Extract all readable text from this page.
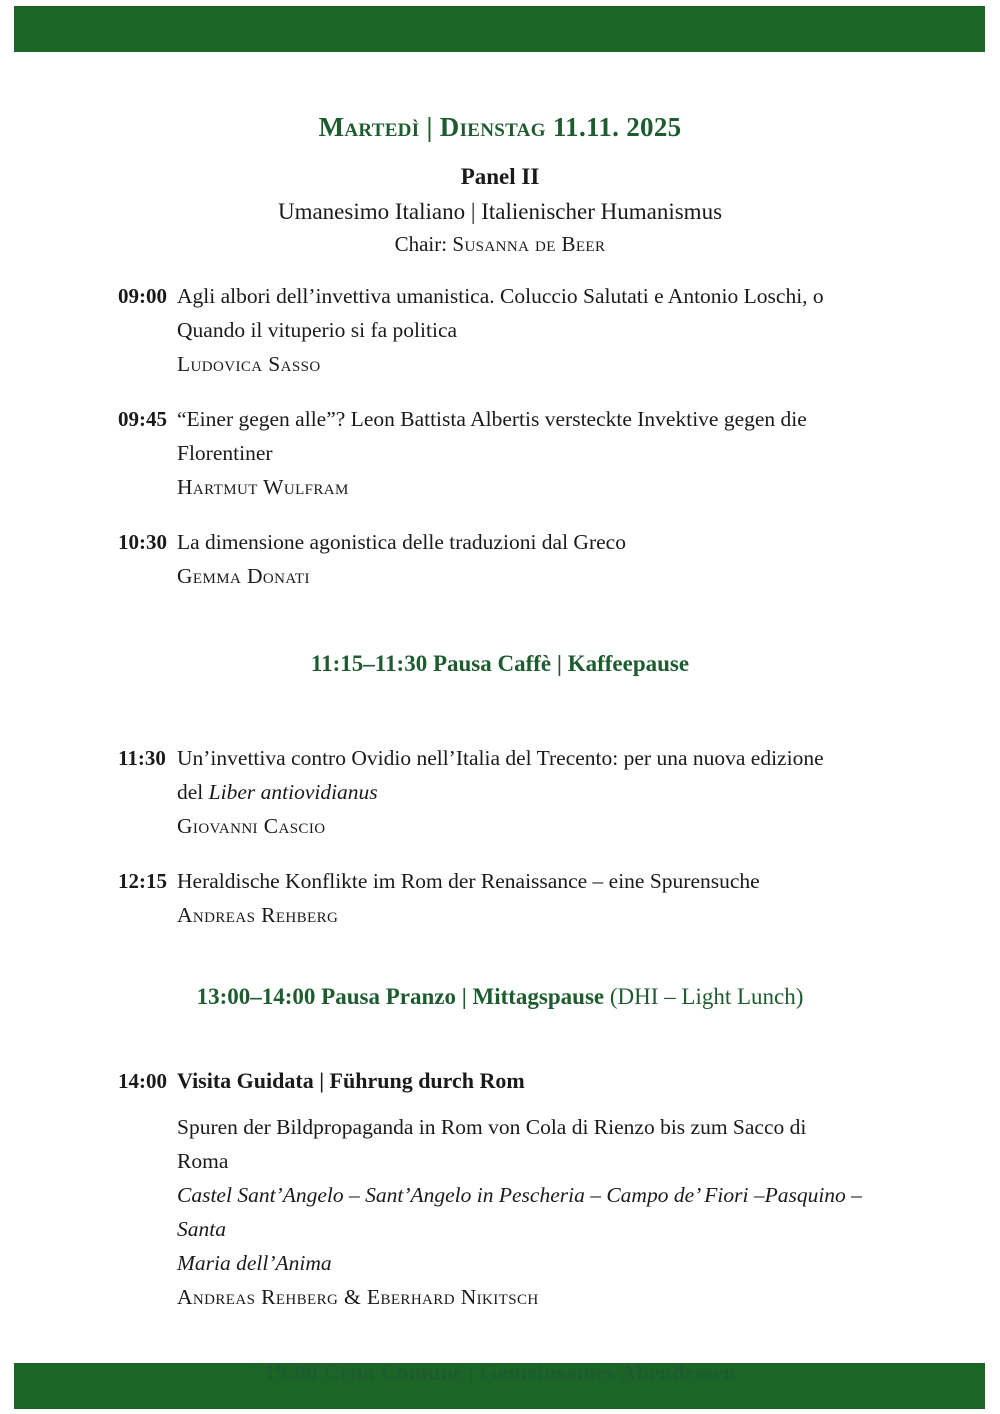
Martedì | Dienstag 11.11. 2025
Panel II
Umanesimo Italiano | Italienischer Humanismus
Chair: Susanna de Beer
09:00 Agli albori dell’invettiva umanistica. Coluccio Salutati e Antonio Loschi, o
Quando il vituperio si fa politica
Ludovica Sasso
09:45 “Einer gegen alle”? Leon Battista Albertis versteckte Invektive gegen die
Florentiner
Hartmut Wulfram
10:30 La dimensione agonistica delle traduzioni dal Greco
Gemma Donati
11:15–11:30 Pausa Caffè | Kaffeepause
11:30 Un’invettiva contro Ovidio nell’Italia del Trecento: per una nuova edizione
del Liber antiovidianus
Giovanni Cascio
12:15 Heraldische Konflikte im Rom der Renaissance – eine Spurensuche
Andreas Rehberg
13:00–14:00 Pausa Pranzo | Mittagspause (DHI – Light Lunch)
14:00 Visita Guidata | Führung durch Rom
Spuren der Bildpropaganda in Rom von Cola di Rienzo bis zum Sacco di
Roma
Castel Sant’Angelo – Sant’Angelo in Pescheria – Campo de’ Fiori –Pasquino – Santa
Maria dell’Anima
Andreas Rehberg & Eberhard Nikitsch
19:00 Cena Comune | Gemeinsames Abendessen
